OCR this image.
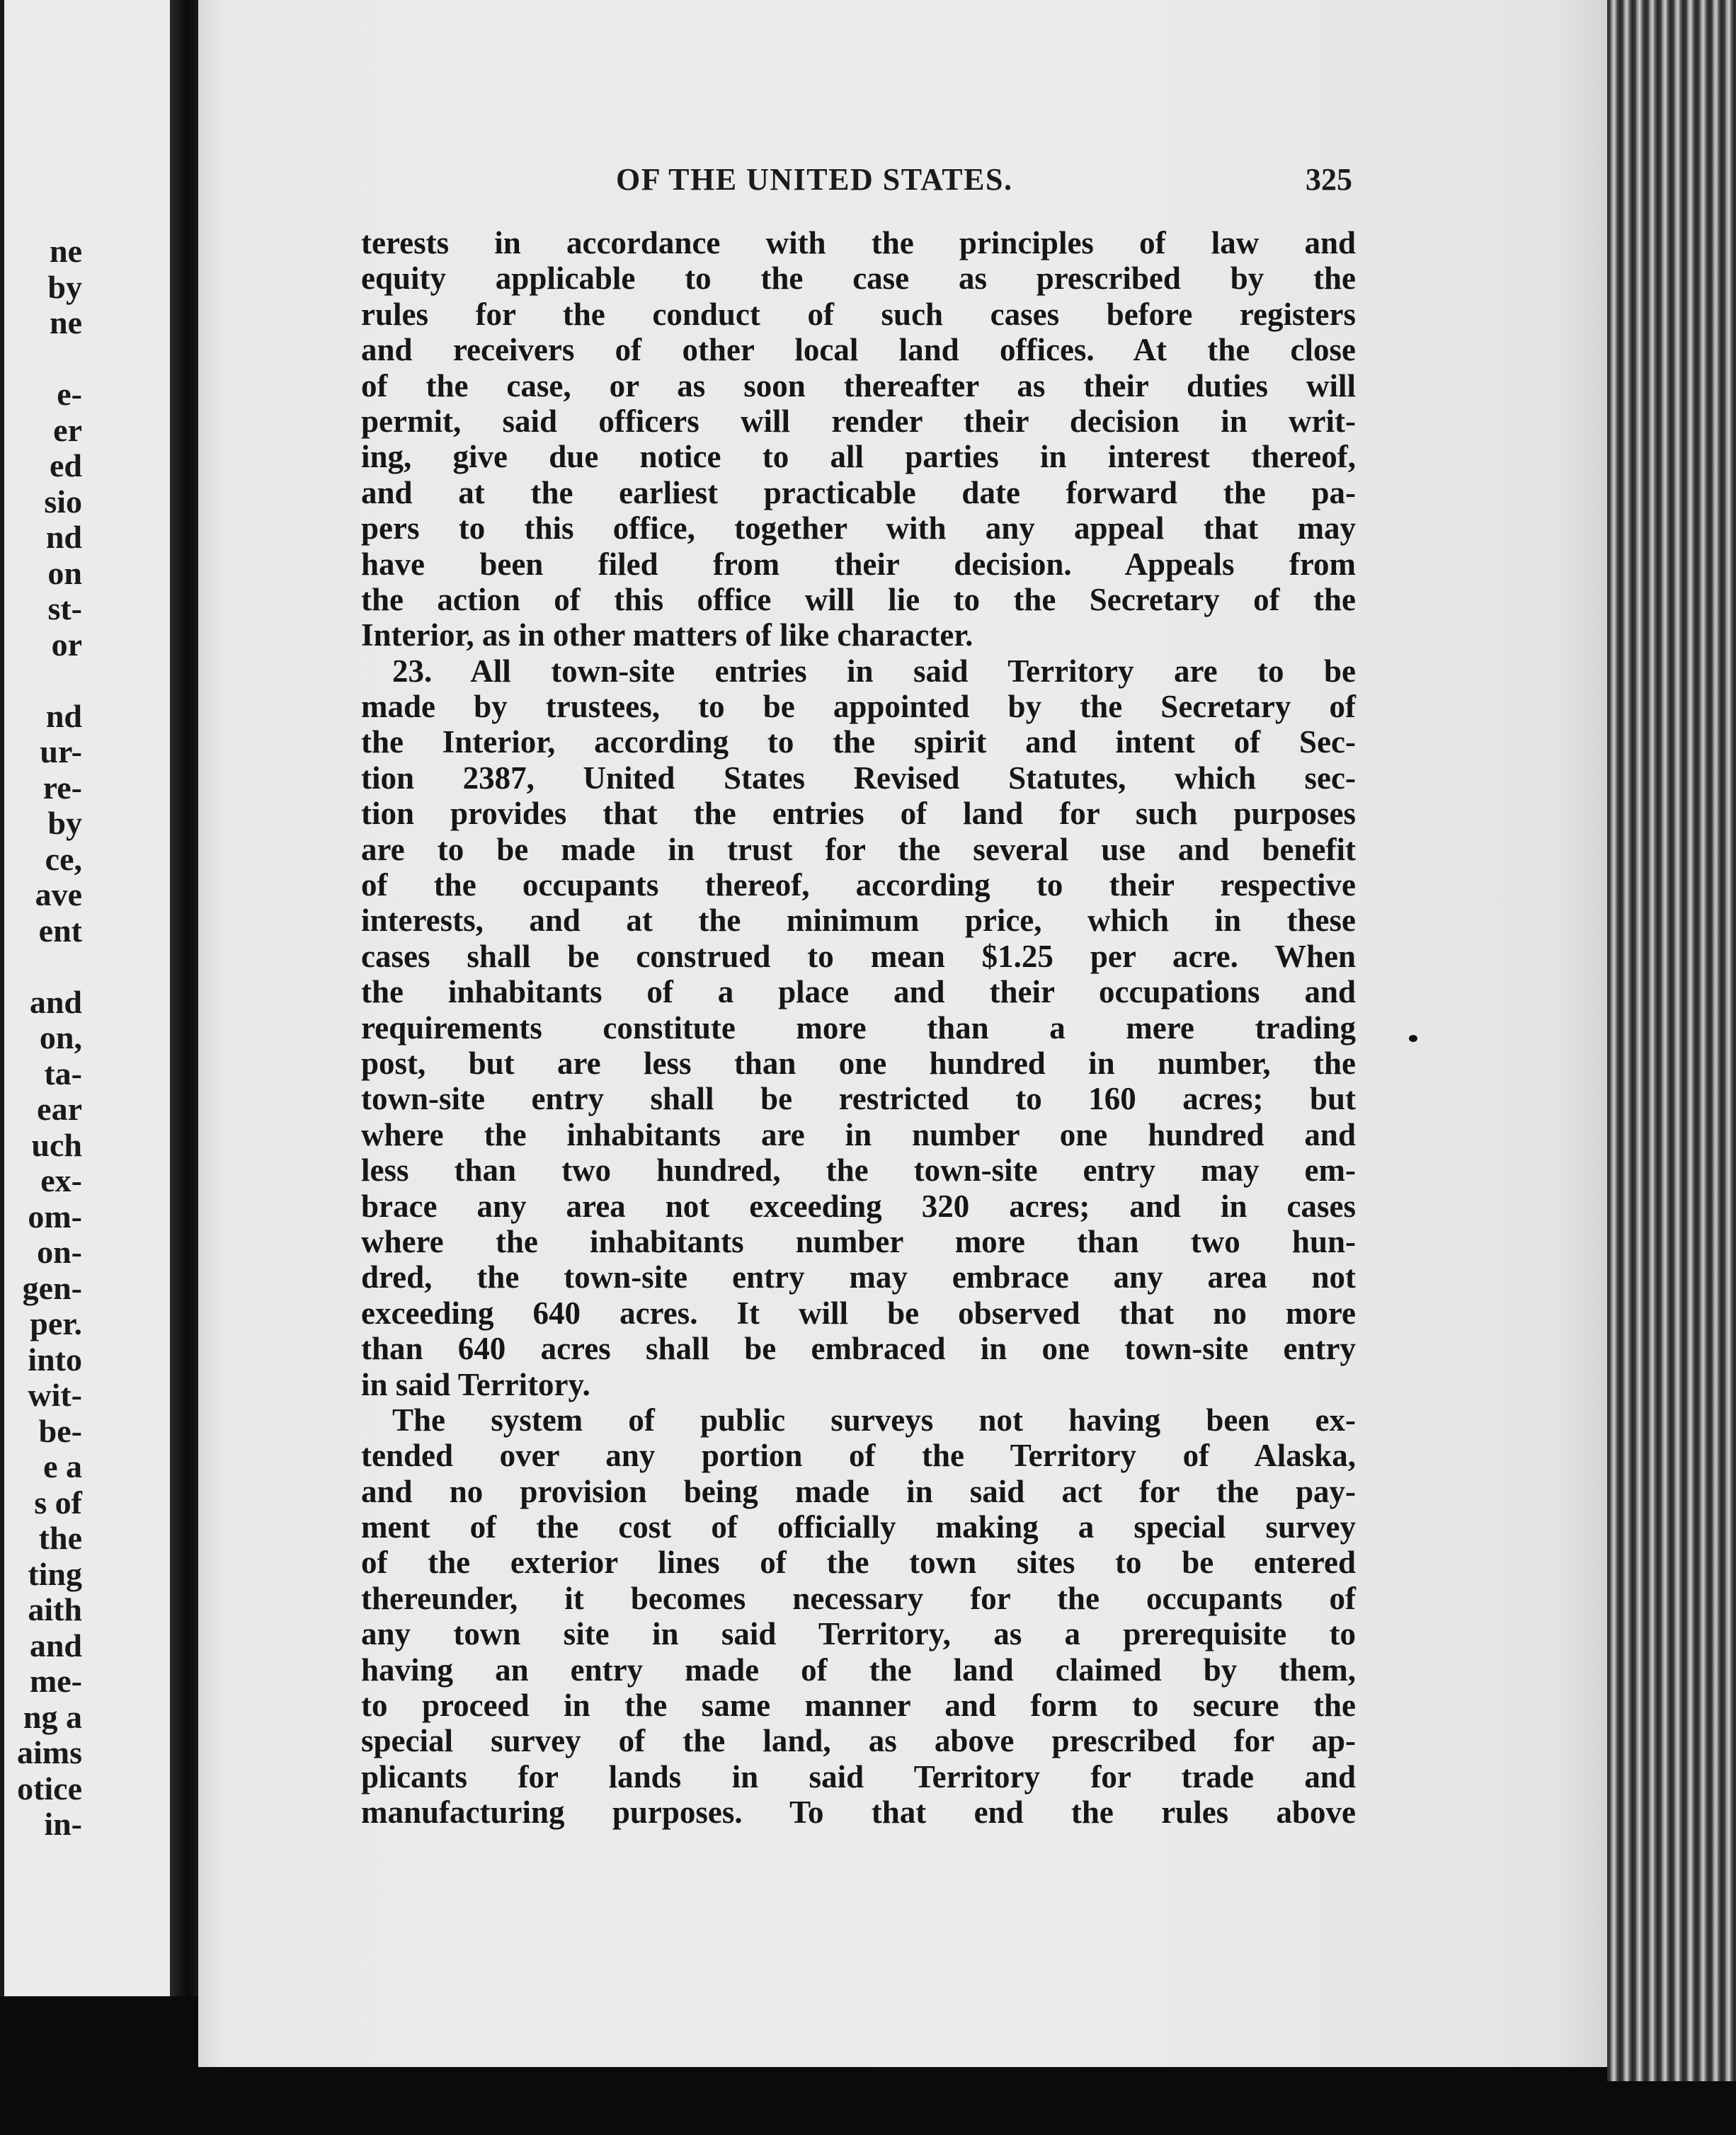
ne
by
ne
e-
er
ed
sio
nd
on
st-
or
nd
ur-
re-
by
ce,
ave
ent
and
on,
ta-
ear
uch
ex-
om-
on-
gen-
per.
into
wit-
be-
e a
s of
the
ting
aith
and
me-
ng a
aims
otice
in-
OF THE UNITED STATES.	325

terests in accordance with the principles of law and
equity applicable to the case as prescribed by the
rules for the conduct of such cases before registers
and receivers of other local land offices. At the close
of the case, or as soon thereafter as their duties will
permit, said officers will render their decision in writ-
ing, give due notice to all parties in interest thereof,
and at the earliest practicable date forward the pa-
pers to this office, together with any appeal that may
have been filed from their decision. Appeals from
the action of this office will lie to the Secretary of the
Interior, as in other matters of like character.

23. All town-site entries in said Territory are to be
made by trustees, to be appointed by the Secretary of
the Interior, according to the spirit and intent of Sec-
tion 2387, United States Revised Statutes, which sec-
tion provides that the entries of land for such purposes
are to be made in trust for the several use and benefit
of the occupants thereof, according to their respective
interests, and at the minimum price, which in these
cases shall be construed to mean $1.25 per acre. When
the inhabitants of a place and their occupations and
requirements constitute more than a mere trading
post, but are less than one hundred in number, the
town-site entry shall be restricted to 160 acres; but
where the inhabitants are in number one hundred and
less than two hundred, the town-site entry may em-
brace any area not exceeding 320 acres; and in cases
where the inhabitants number more than two hun-
dred, the town-site entry may embrace any area not
exceeding 640 acres. It will be observed that no more
than 640 acres shall be embraced in one town-site entry
in said Territory.

The system of public surveys not having been ex-
tended over any portion of the Territory of Alaska,
and no provision being made in said act for the pay-
ment of the cost of officially making a special survey
of the exterior lines of the town sites to be entered
thereunder, it becomes necessary for the occupants of
any town site in said Territory, as a prerequisite to
having an entry made of the land claimed by them,
to proceed in the same manner and form to secure the
special survey of the land, as above prescribed for ap-
plicants for lands in said Territory for trade and
manufacturing purposes. To that end the rules above
